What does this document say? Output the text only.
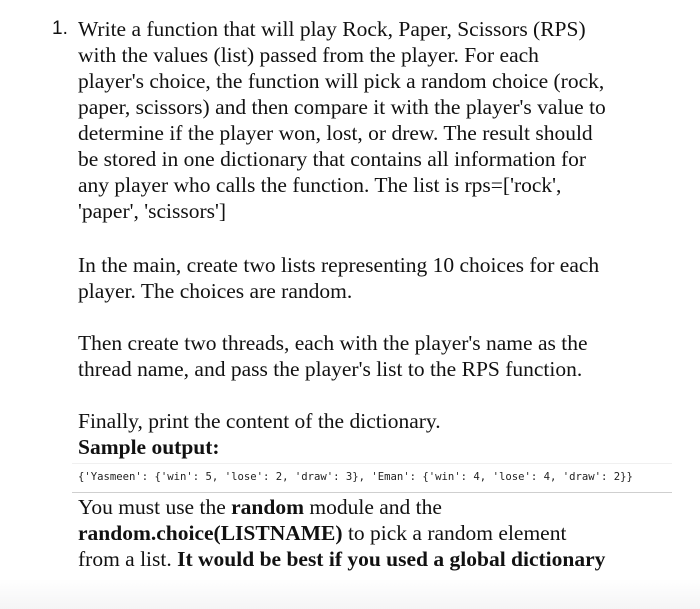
1. Write a function that will play Rock, Paper, Scissors (RPS)
with the values (list) passed from the player. For each
player's choice, the function will pick a random choice (rock,
paper, scissors) and then compare it with the player's value to
determine if the player won, lost, or drew. The result should
be stored in one dictionary that contains all information for
any player who calls the function. The list is rps=['rock',
'paper', 'scissors']

In the main, create two lists representing 10 choices for each
player. The choices are random.

Then create two threads, each with the player's name as the
thread name, and pass the player's list to the RPS function.

Finally, print the content of the dictionary.

Sample output:
{'Yasmeen': {'win': 5, 'lose': 2, 'draw': 3}, 'Eman': {'win': 4, 'lose': 4, 'draw': 2}}

You must use the random module and the
random.choice(LISTNAME) to pick a random element
from a list. It would be best if you used a global dictionary
